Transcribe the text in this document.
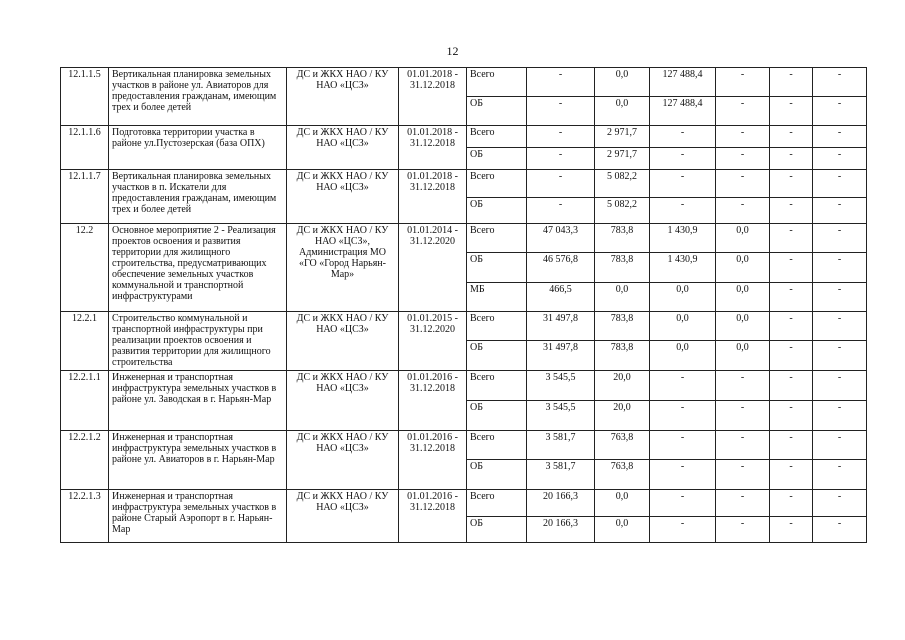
12
12.1.1.5	Вертикальная планировка земельных участков в районе ул. Авиаторов для предоставления гражданам, имеющим трех и более детей	ДС и ЖКХ НАО / КУ НАО «ЦСЗ»	01.01.2018 - 31.12.2018	Всего	-	0,0	127 488,4	-	-	-
				ОБ	-	0,0	127 488,4	-	-	-
12.1.1.6	Подготовка территории участка в районе ул.Пустозерская (база ОПХ)	ДС и ЖКХ НАО / КУ НАО «ЦСЗ»	01.01.2018 - 31.12.2018	Всего	-	2 971,7	-	-	-	-
				ОБ	-	2 971,7	-	-	-	-
12.1.1.7	Вертикальная планировка земельных участков в п. Искатели для предоставления гражданам, имеющим трех и более детей	ДС и ЖКХ НАО / КУ НАО «ЦСЗ»	01.01.2018 - 31.12.2018	Всего	-	5 082,2	-	-	-	-
				ОБ	-	5 082,2	-	-	-	-
12.2	Основное мероприятие 2 - Реализация проектов освоения и развития территории для жилищного строительства, предусматривающих обеспечение земельных участков коммунальной и транспортной инфраструктурами	ДС и ЖКХ НАО / КУ НАО «ЦСЗ», Администрация МО «ГО «Город Нарьян-Мар»	01.01.2014 - 31.12.2020	Всего	47 043,3	783,8	1 430,9	0,0	-	-
				ОБ	46 576,8	783,8	1 430,9	0,0	-	-
				МБ	466,5	0,0	0,0	0,0	-	-
12.2.1	Строительство коммунальной и транспортной инфраструктуры при реализации проектов освоения и развития территории для жилищного строительства	ДС и ЖКХ НАО / КУ НАО «ЦСЗ»	01.01.2015 - 31.12.2020	Всего	31 497,8	783,8	0,0	0,0	-	-
				ОБ	31 497,8	783,8	0,0	0,0	-	-
12.2.1.1	Инженерная и транспортная инфраструктура земельных участков в районе ул. Заводская в г. Нарьян-Мар	ДС и ЖКХ НАО / КУ НАО «ЦСЗ»	01.01.2016 - 31.12.2018	Всего	3 545,5	20,0	-	-	-	-
				ОБ	3 545,5	20,0	-	-	-	-
12.2.1.2	Инженерная и транспортная инфраструктура земельных участков в районе ул. Авиаторов в г. Нарьян-Мар	ДС и ЖКХ НАО / КУ НАО «ЦСЗ»	01.01.2016 - 31.12.2018	Всего	3 581,7	763,8	-	-	-	-
				ОБ	3 581,7	763,8	-	-	-	-
12.2.1.3	Инженерная и транспортная инфраструктура земельных участков в районе Старый Аэропорт в г. Нарьян-Мар	ДС и ЖКХ НАО / КУ НАО «ЦСЗ»	01.01.2016 - 31.12.2018	Всего	20 166,3	0,0	-	-	-	-
				ОБ	20 166,3	0,0	-	-	-	-
